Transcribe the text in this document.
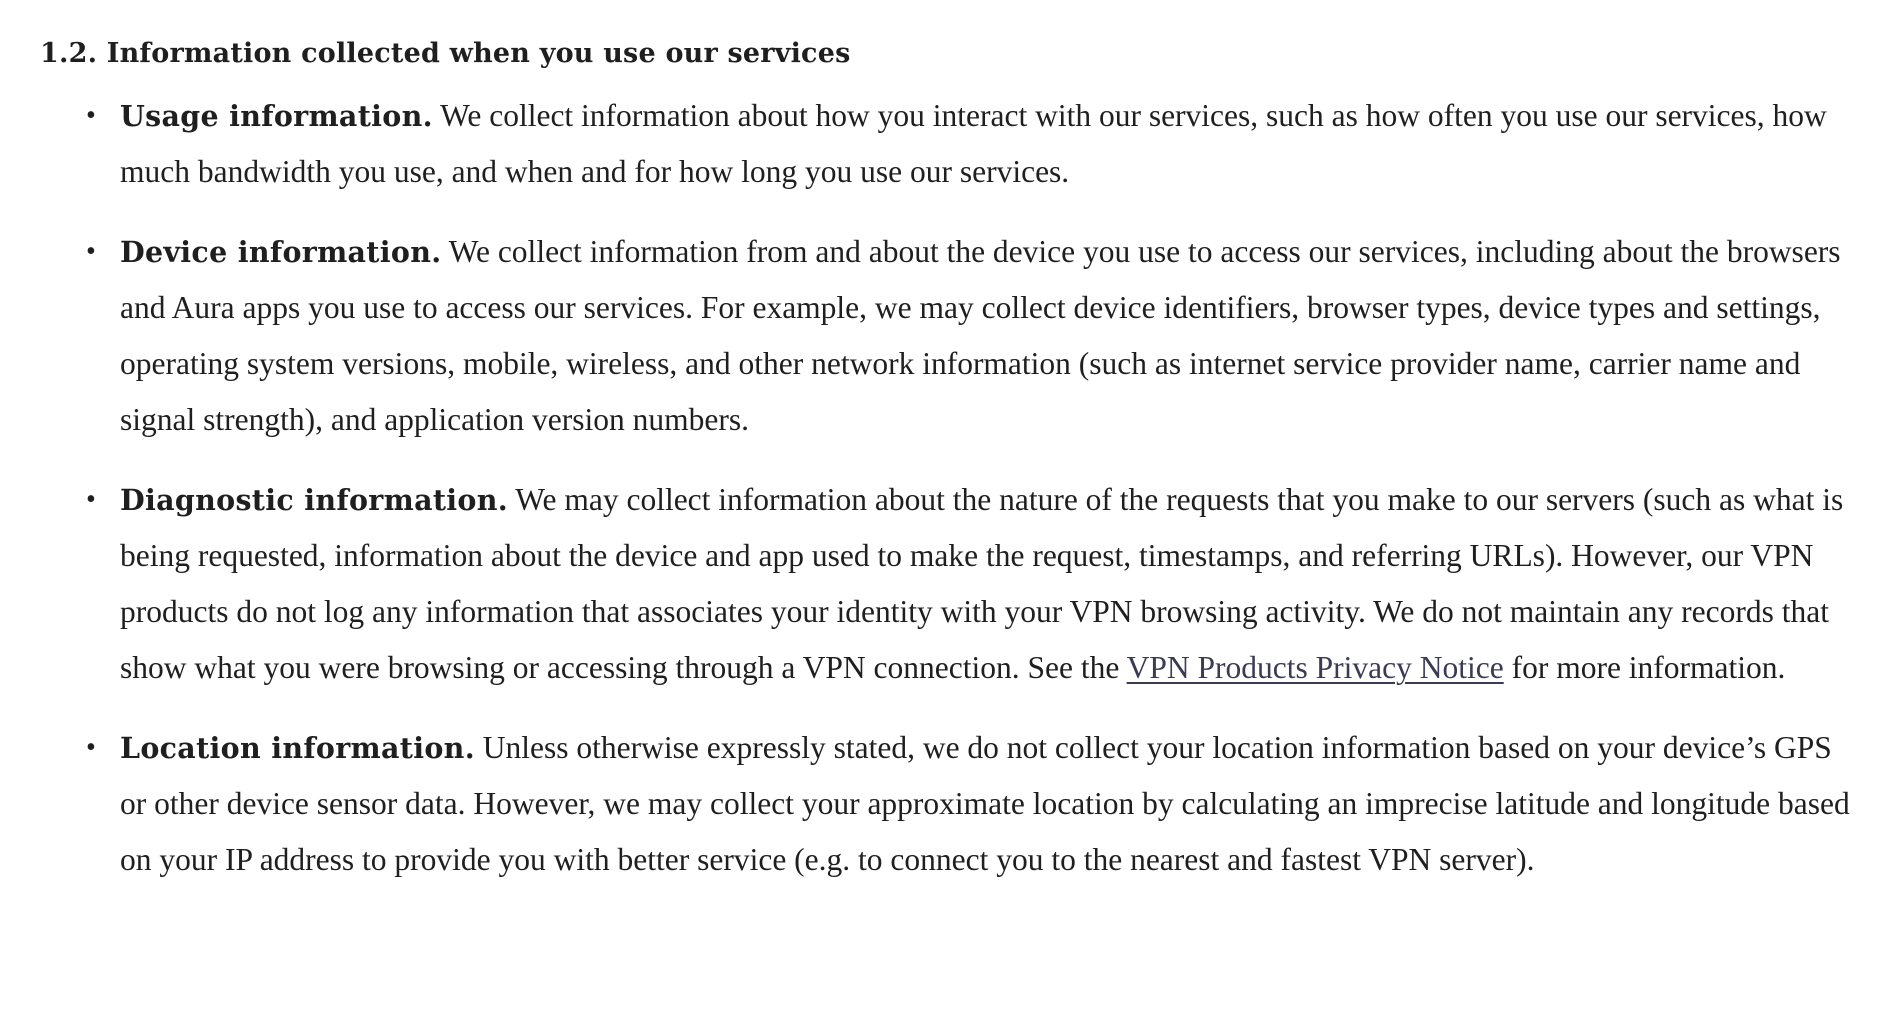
1.2. Information collected when you use our services
• Usage information. We collect information about how you interact with our services, such as how often you use our services, how much bandwidth you use, and when and for how long you use our services.
• Device information. We collect information from and about the device you use to access our services, including about the browsers and Aura apps you use to access our services. For example, we may collect device identifiers, browser types, device types and settings, operating system versions, mobile, wireless, and other network information (such as internet service provider name, carrier name and signal strength), and application version numbers.
• Diagnostic information. We may collect information about the nature of the requests that you make to our servers (such as what is being requested, information about the device and app used to make the request, timestamps, and referring URLs). However, our VPN products do not log any information that associates your identity with your VPN browsing activity. We do not maintain any records that show what you were browsing or accessing through a VPN connection. See the VPN Products Privacy Notice for more information.
• Location information. Unless otherwise expressly stated, we do not collect your location information based on your device’s GPS or other device sensor data. However, we may collect your approximate location by calculating an imprecise latitude and longitude based on your IP address to provide you with better service (e.g. to connect you to the nearest and fastest VPN server).
